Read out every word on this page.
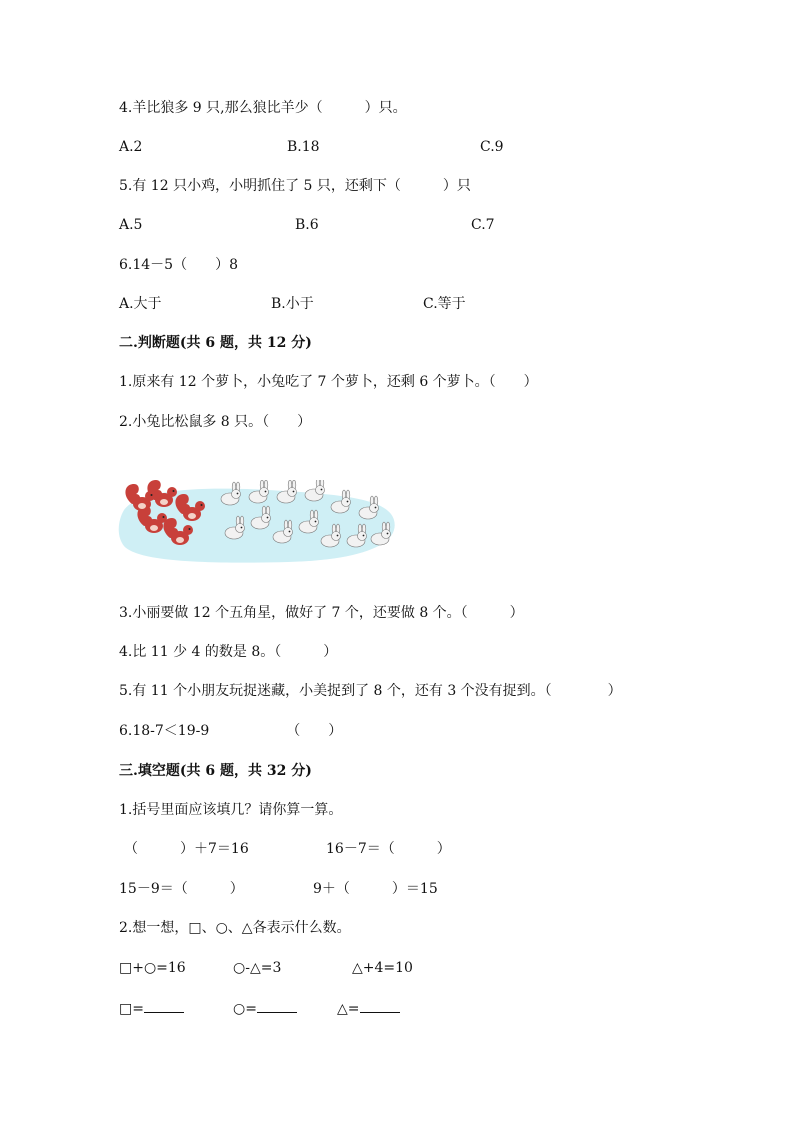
4.羊比狼多 9 只,那么狼比羊少（　　　）只。
A.2	B.18	C.9
5.有 12 只小鸡，小明抓住了 5 只，还剩下（　　　）只
A.5	B.6	C.7
6.14－5（　　）8
A.大于	B.小于	C.等于
二.判断题(共 6 题，共 12 分)
1.原来有 12 个萝卜，小兔吃了 7 个萝卜，还剩 6 个萝卜。（　　）
2.小兔比松鼠多 8 只。（　　）
3.小丽要做 12 个五角星，做好了 7 个，还要做 8 个。（　　　）
4.比 11 少 4 的数是 8。（　　　）
5.有 11 个小朋友玩捉迷藏，小美捉到了 8 个，还有 3 个没有捉到。（　　　　）
6.18-7＜19-9　　　　　　（　　）
三.填空题(共 6 题，共 32 分)
1.括号里面应该填几？请你算一算。
（　　　）＋7＝16	16－7＝（　　　）
15－9＝（　　　）	9＋（　　　）＝15
2.想一想，□、○、△各表示什么数。
□+○=16	○-△=3	△+4=10
□=	○=	△=
